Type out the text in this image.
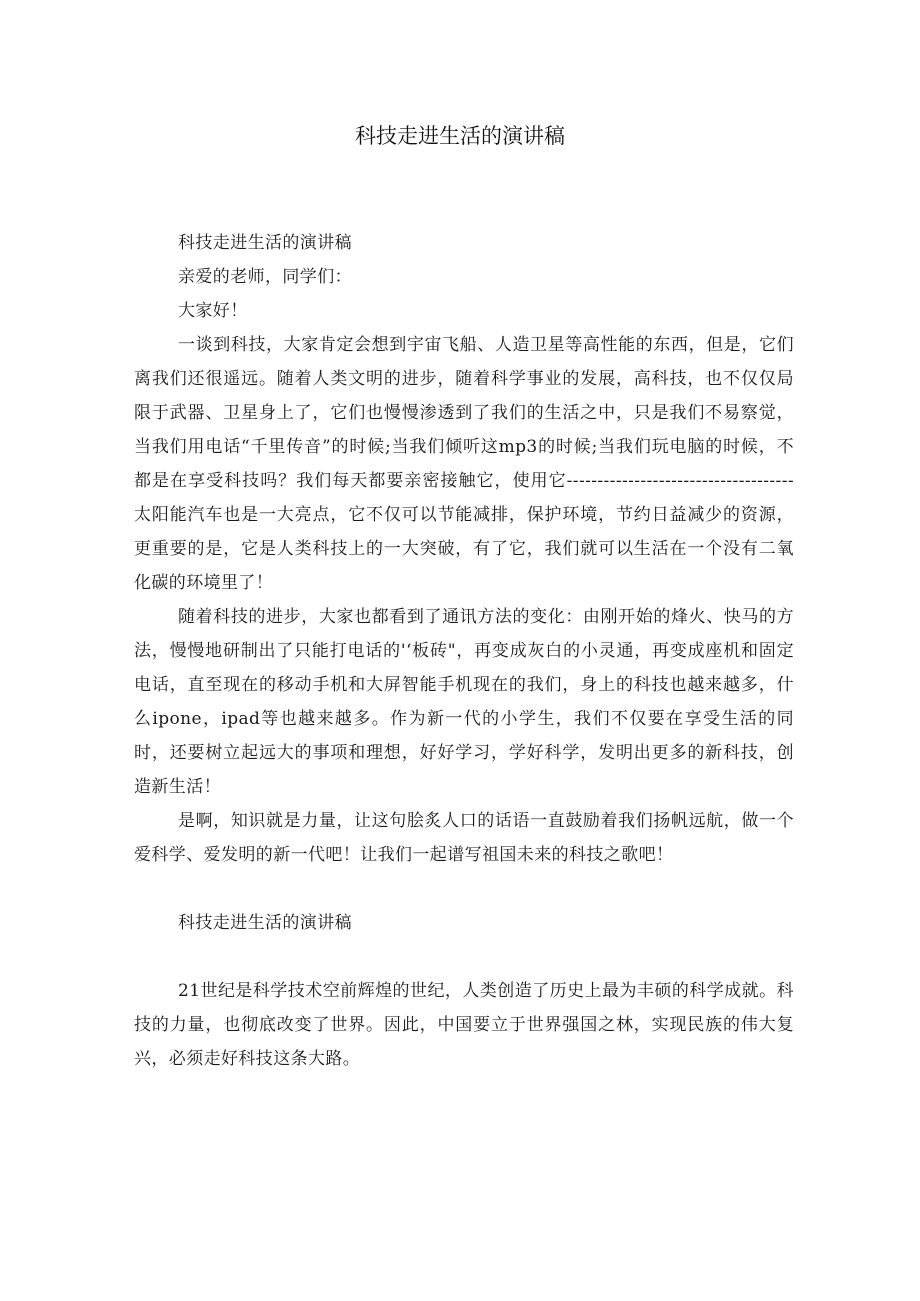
科技走进生活的演讲稿

科技走进生活的演讲稿

亲爱的老师，同学们：

大家好！

一谈到科技，大家肯定会想到宇宙飞船、人造卫星等高性能的东西，但是，它们离我们还很遥远。随着人类文明的进步，随着科学事业的发展，高科技，也不仅仅局限于武器、卫星身上了，它们也慢慢渗透到了我们的生活之中，只是我们不易察觉，当我们用电话“千里传音”的时候;当我们倾听这mp3的时候;当我们玩电脑的时候，不都是在享受科技吗？我们每天都要亲密接触它，使用它-------------------------------------太阳能汽车也是一大亮点，它不仅可以节能减排，保护环境，节约日益减少的资源，更重要的是，它是人类科技上的一大突破，有了它，我们就可以生活在一个没有二氧化碳的环境里了！

随着科技的进步，大家也都看到了通讯方法的变化：由刚开始的烽火、快马的方法，慢慢地研制出了只能打电话的'‘板砖"，再变成灰白的小灵通，再变成座机和固定电话，直至现在的移动手机和大屏智能手机现在的我们，身上的科技也越来越多，什么ipone，ipad等也越来越多。作为新一代的小学生，我们不仅要在享受生活的同时，还要树立起远大的事项和理想，好好学习，学好科学，发明出更多的新科技，创造新生活！

是啊，知识就是力量，让这句脍炙人口的话语一直鼓励着我们扬帆远航，做一个爱科学、爱发明的新一代吧！让我们一起谱写祖国未来的科技之歌吧！

科技走进生活的演讲稿

21世纪是科学技术空前辉煌的世纪，人类创造了历史上最为丰硕的科学成就。科技的力量，也彻底改变了世界。因此，中国要立于世界强国之林，实现民族的伟大复兴，必须走好科技这条大路。
